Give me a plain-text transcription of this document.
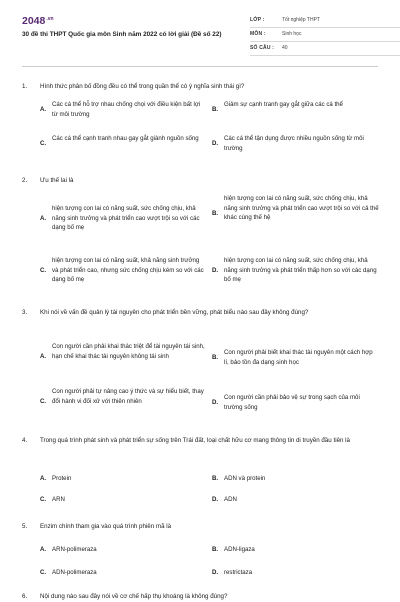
$2048^{.vn}$
30 đề thi THPT Quốc gia môn Sinh năm 2022 có lời giải (Đề số 22)
LỚP :	Tốt nghiệp THPT
MÔN :	Sinh học
SỐ CÂU : 40
1. Hình thức phân bố đồng đều có thể trong quần thể có ý nghĩa sinh thái gì?
A.
Các cá thể hỗ trợ nhau chống chọi với điều kiện bất lợi từ môi trường
B.
Giảm sự cạnh tranh gay gắt giữa các cá thể
C.
Các cá thể cạnh tranh nhau gay gắt giành nguồn sống
D.
Các cá thể tận dụng được nhiều nguồn sống từ môi trường
2. Ưu thế lai là
A.
hiện tượng con lai có năng suất, sức chống chịu, khả năng sinh trưởng và phát triển cao vượt trội so với các dạng bố mẹ
B.
hiện tượng con lai có năng suất, sức chống chịu, khả năng sinh trưởng và phát triển cao vượt trội so với cả thế khác cùng thế hệ
C.
hiện tượng con lai có năng suất, khả năng sinh trưởng và phát triển cao, nhưng sức chống chịu kém so với các dạng bố mẹ
D.
hiện tượng con lai có năng suất, sức chống chịu, khả năng sinh trưởng và phát triển thấp hơn so với các dạng bố mẹ
3. Khi nói về vấn đề quản lý tài nguyên cho phát triển bền vững, phát biểu nào sau đây không đúng?
A.
Con người cần phải khai thác triệt để tài nguyên tái sinh, hạn chế khai thác tài nguyên không tái sinh	B.
Con người phải biết khai thác tài nguyên một cách hợp lí, bảo tồn đa dạng sinh học
C.
Con người phải tự nâng cao ý thức và sự hiểu biết, thay đổi hành vi đối xử với thiên nhiên	D.
Con người cần phải bảo vệ sự trong sạch của môi trường sống
4. Trong quá trình phát sinh và phát triển sự sống trên Trái đất, loại chất hữu cơ mang thông tin di truyền đầu tiên là
A. Protein	B. ADN và protein
C. ARN	D. ADN
5. Enzim chính tham gia vào quá trình phiên mã là
A. ARN-polimeraza	B. ADN-ligaza
C. ADN-polimeraza	D. restrictaza
6. Nội dung nào sau đây nói về cơ chế hấp thụ khoáng là không đúng?
